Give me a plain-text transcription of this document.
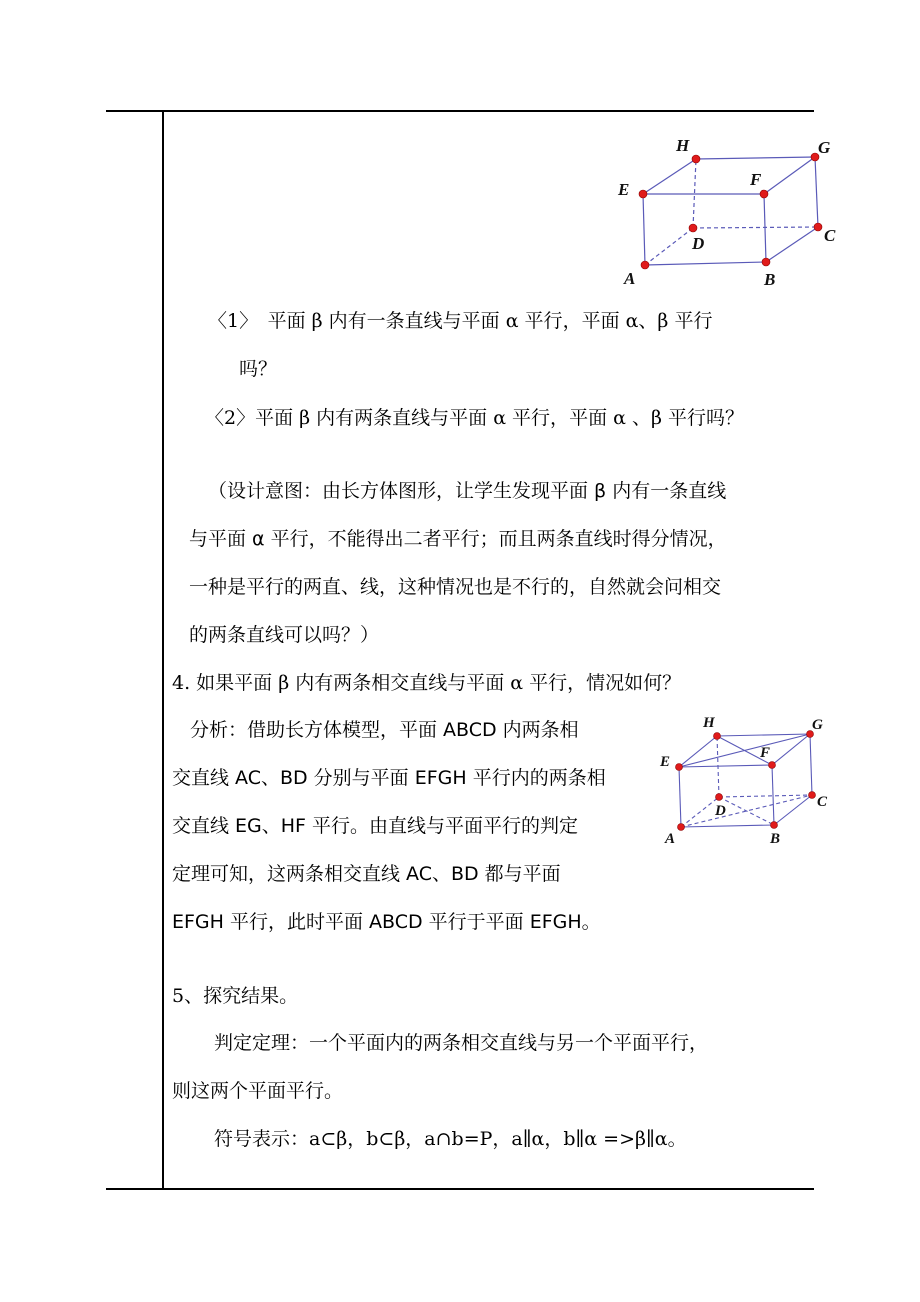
H	G
E
F
D	C
A	B
〈1〉　平面 β 内有一条直线与平面 α 平行，平面 α、β 平行
吗？
〈2〉平面 β 内有两条直线与平面 α 平行，平面 α 、β 平行吗？
（设计意图：由长方体图形，让学生发现平面 β 内有一条直线
与平面 α 平行，不能得出二者平行；而且两条直线时得分情况，
一种是平行的两直、线，这种情况也是不行的，自然就会问相交
的两条直线可以吗？）
4. 如果平面 β 内有两条相交直线与平面 α 平行，情况如何？
分析：借助长方体模型，平面 ABCD 内两条相
交直线 AC、BD 分别与平面 EFGH 平行内的两条相
交直线 EG、HF 平行。由直线与平面平行的判定
定理可知，这两条相交直线 AC、BD 都与平面
EFGH 平行，此时平面 ABCD 平行于平面 EFGH。
H	G
E
F
D
C
A	B
5、探究结果。
判定定理：一个平面内的两条相交直线与另一个平面平行，
则这两个平面平行。
符号表示：a⊂β，b⊂β，a∩b=P，a∥α，b∥α =>β∥α。
